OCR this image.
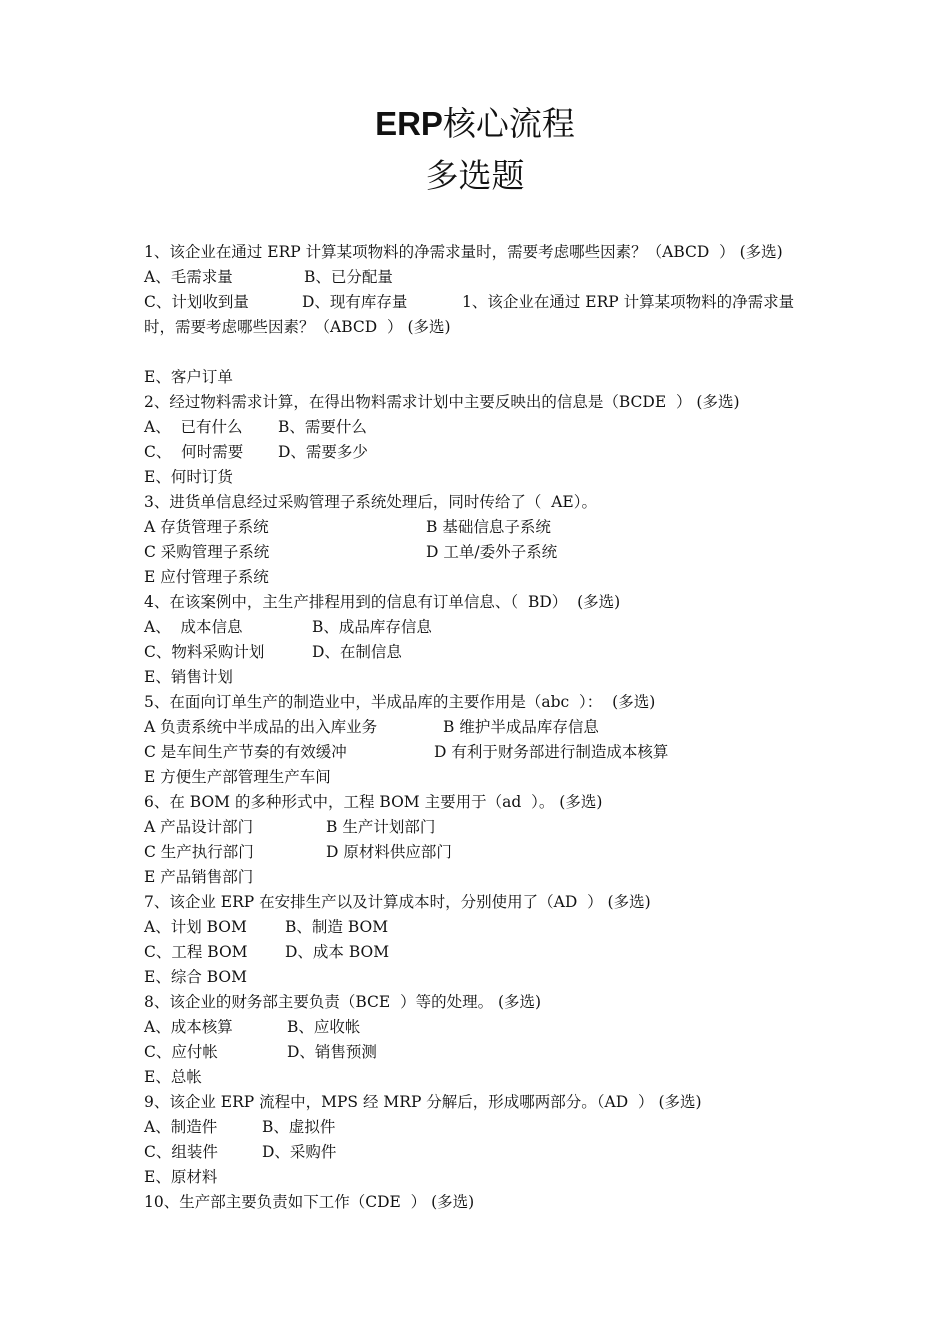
ERP核心流程
多选题
1、该企业在通过 ERP 计算某项物料的净需求量时，需要考虑哪些因素？（ABCD  ） (多选)
A、毛需求量	B、已分配量
C、计划收到量	D、现有库存量	1、该企业在通过 ERP 计算某项物料的净需求量
时，需要考虑哪些因素？（ABCD  ） (多选)
E、客户订单
2、经过物料需求计算，在得出物料需求计划中主要反映出的信息是（BCDE  ） (多选)
A、  已有什么 B、需要什么
C、  何时需要 D、需要多少
E、何时订货
3、进货单信息经过采购管理子系统处理后，同时传给了（  AE）。
A 存货管理子系统	B 基础信息子系统
C 采购管理子系统	D 工单/委外子系统
E 应付管理子系统
4、在该案例中，主生产排程用到的信息有订单信息、（  BD）  (多选)
A、  成本信息	B、成品库存信息
C、物料采购计划	D、在制信息
E、销售计划
5、在面向订单生产的制造业中，半成品库的主要作用是（abc  ）：  (多选)
A 负责系统中半成品的出入库业务	B 维护半成品库存信息
C 是车间生产节奏的有效缓冲	D 有利于财务部进行制造成本核算
E 方便生产部管理生产车间
6、在 BOM 的多种形式中，工程 BOM 主要用于（ad  ）。 (多选)
A 产品设计部门	B 生产计划部门
C 生产执行部门	D 原材料供应部门
E 产品销售部门
7、该企业 ERP 在安排生产以及计算成本时，分别使用了（AD  ） (多选)
A、计划 BOM B、制造 BOM
C、工程 BOM D、成本 BOM
E、综合 BOM
8、该企业的财务部主要负责（BCE  ）等的处理。 (多选)
A、成本核算	B、应收帐
C、应付帐	D、销售预测
E、总帐
9、该企业 ERP 流程中，MPS 经 MRP 分解后，形成哪两部分。（AD  ） (多选)
A、制造件	B、虚拟件
C、组装件	D、采购件
E、原材料
10、生产部主要负责如下工作（CDE  ） (多选)
